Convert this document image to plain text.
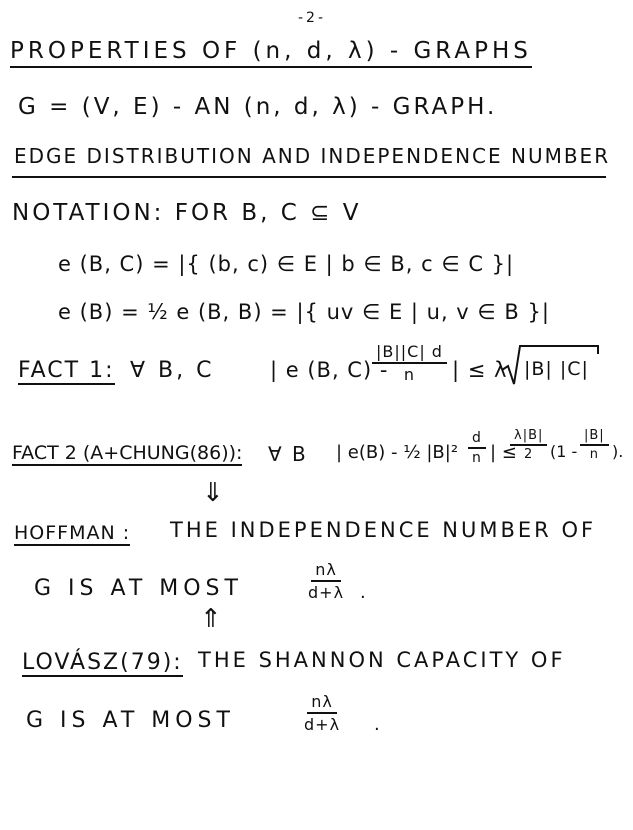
-2-
PROPERTIES OF (n, d, λ) - GRAPHS
G = (V, E) - AN (n, d, λ) - GRAPH.
EDGE DISTRIBUTION AND INDEPENDENCE NUMBER
NOTATION: FOR B, C ⊆ V
e (B, C) = |{ (b, c) ∈ E | b ∈ B, c ∈ C }|
e (B) = ½ e (B, B) = |{ uv ∈ E | u, v ∈ B }|
FACT 1: ∀ B, C	| e (B, C) -
$\frac{|B||C| d}{n}$ | ≤ λ |B| |C|
FACT 2 (A+CHUNG(86)): ∀ B | e(B) - ½ $|B|^2 \frac{d}{n}$ | ≤
$\frac{\lambda|B|}{2} (1 - \frac{|B|}{n}$ ).
⇓
HOFFMAN : THE INDEPENDENCE NUMBER OF
G IS AT MOST	$\frac{n\lambda}{d+\lambda}$ .
⇑
LOVÁSZ(79): THE SHANNON CAPACITY OF
G IS AT MOST	$\frac{n\lambda}{d+\lambda}$ .
